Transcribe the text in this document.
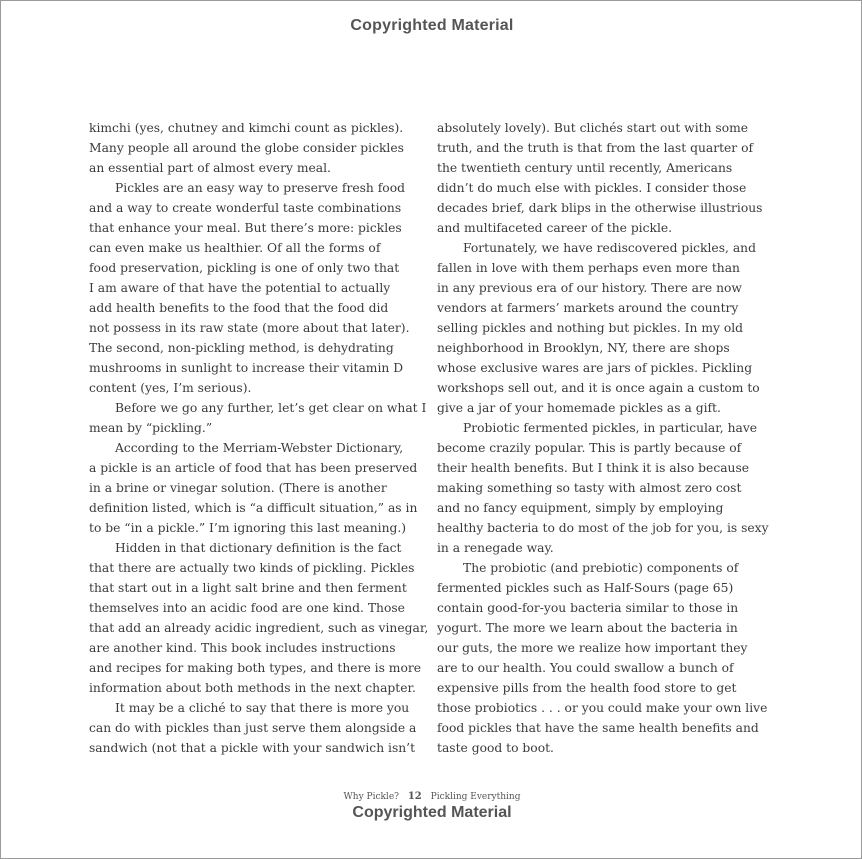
Copyrighted Material
kimchi (yes, chutney and kimchi count as pickles).
Many people all around the globe consider pickles
an essential part of almost every meal.
Pickles are an easy way to preserve fresh food
and a way to create wonderful taste combinations
that enhance your meal. But there’s more: pickles
can even make us healthier. Of all the forms of
food preservation, pickling is one of only two that
I am aware of that have the potential to actually
add health benefits to the food that the food did
not possess in its raw state (more about that later).
The second, non-pickling method, is dehydrating
mushrooms in sunlight to increase their vitamin D
content (yes, I’m serious).
Before we go any further, let’s get clear on what I
mean by “pickling.”
According to the Merriam-Webster Dictionary,
a pickle is an article of food that has been preserved
in a brine or vinegar solution. (There is another
definition listed, which is “a difficult situation,” as in
to be “in a pickle.” I’m ignoring this last meaning.)
Hidden in that dictionary definition is the fact
that there are actually two kinds of pickling. Pickles
that start out in a light salt brine and then ferment
themselves into an acidic food are one kind. Those
that add an already acidic ingredient, such as vinegar,
are another kind. This book includes instructions
and recipes for making both types, and there is more
information about both methods in the next chapter.
It may be a cliché to say that there is more you
can do with pickles than just serve them alongside a
sandwich (not that a pickle with your sandwich isn’t
absolutely lovely). But clichés start out with some
truth, and the truth is that from the last quarter of
the twentieth century until recently, Americans
didn’t do much else with pickles. I consider those
decades brief, dark blips in the otherwise illustrious
and multifaceted career of the pickle.
Fortunately, we have rediscovered pickles, and
fallen in love with them perhaps even more than
in any previous era of our history. There are now
vendors at farmers’ markets around the country
selling pickles and nothing but pickles. In my old
neighborhood in Brooklyn, NY, there are shops
whose exclusive wares are jars of pickles. Pickling
workshops sell out, and it is once again a custom to
give a jar of your homemade pickles as a gift.
Probiotic fermented pickles, in particular, have
become crazily popular. This is partly because of
their health benefits. But I think it is also because
making something so tasty with almost zero cost
and no fancy equipment, simply by employing
healthy bacteria to do most of the job for you, is sexy
in a renegade way.
The probiotic (and prebiotic) components of
fermented pickles such as Half-Sours (page 65)
contain good-for-you bacteria similar to those in
yogurt. The more we learn about the bacteria in
our guts, the more we realize how important they
are to our health. You could swallow a bunch of
expensive pills from the health food store to get
those probiotics . . . or you could make your own live
food pickles that have the same health benefits and
taste good to boot.
Why Pickle? 12 Pickling Everything
Copyrighted Material
